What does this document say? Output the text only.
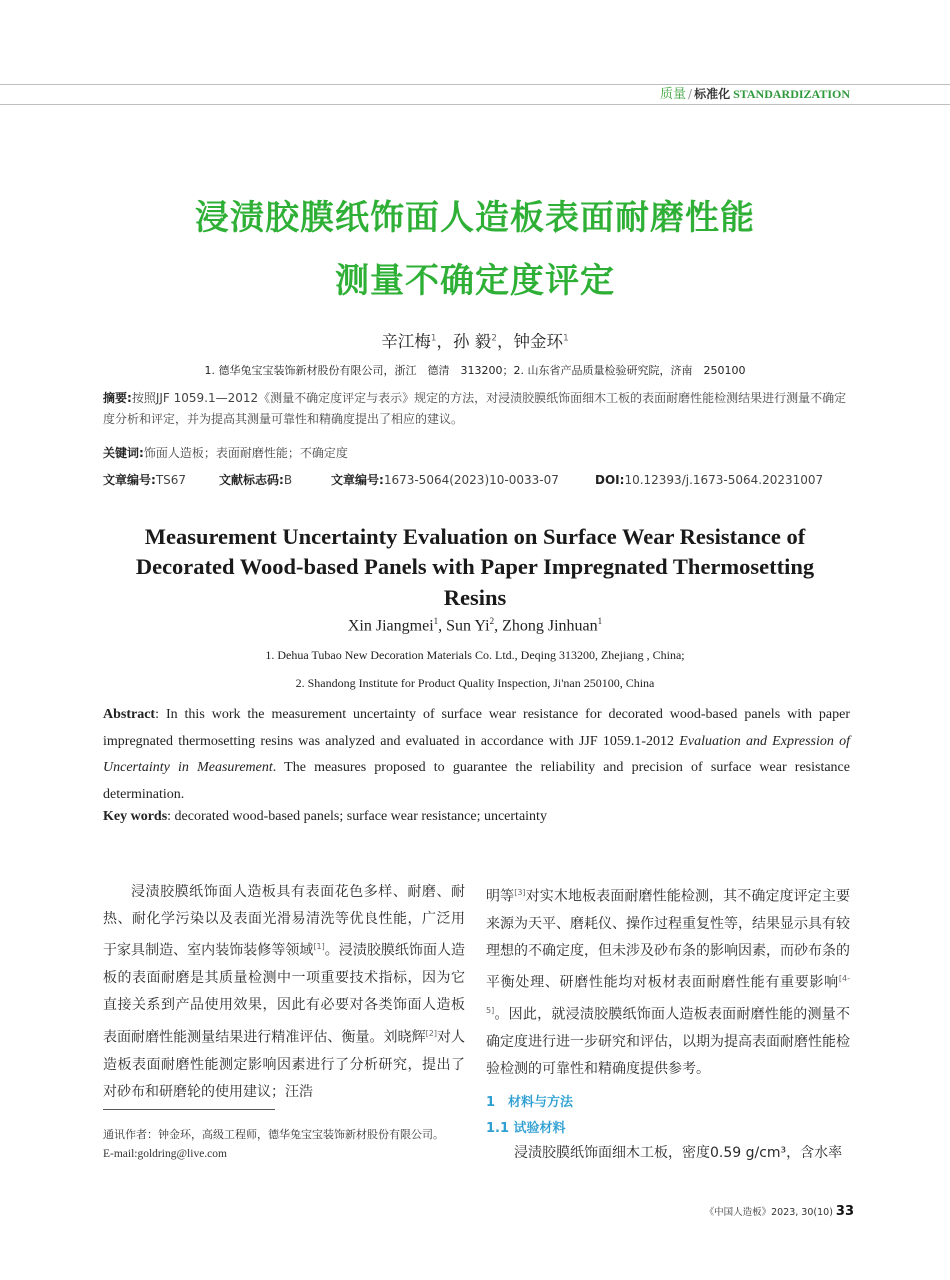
质量 / 标准化 STANDARDIZATION
浸渍胶膜纸饰面人造板表面耐磨性能
测量不确定度评定
辛江梅$^1$，孙 毅$^2$，钟金环$^1$
1. 德华兔宝宝装饰新材股份有限公司，浙江　德清　313200；2. 山东省产品质量检验研究院，济南　250100
摘要:按照JJF 1059.1—2012《测量不确定度评定与表示》规定的方法，对浸渍胶膜纸饰面细木工板的表面耐磨性能检测结果进行测量不确定度分析和评定，并为提高其测量可靠性和精确度提出了相应的建议。
关键词:饰面人造板；表面耐磨性能；不确定度
文章编号:TS67	文献标志码:B	文章编号:1673-5064(2023)10-0033-07	DOI:10.12393/j.1673-5064.20231007
Measurement Uncertainty Evaluation on Surface Wear Resistance of
Decorated Wood-based Panels with Paper Impregnated Thermosetting
Resins
Xin Jiangmei$^1$, Sun Yi$^2$, Zhong Jinhuan$^1$
1. Dehua Tubao New Decoration Materials Co. Ltd., Deqing 313200, Zhejiang , China;
2. Shandong Institute for Product Quality Inspection, Ji'nan 250100, China
Abstract: In this work the measurement uncertainty of surface wear resistance for decorated wood-based panels with paper impregnated thermosetting resins was analyzed and evaluated in accordance with JJF 1059.1-2012 Evaluation and Expression of Uncertainty in Measurement. The measures proposed to guarantee the reliability and precision of surface wear resistance determination.
Key words: decorated wood-based panels; surface wear resistance; uncertainty
浸渍胶膜纸饰面人造板具有表面花色多样、耐磨、耐热、耐化学污染以及表面光滑易清洗等优良性能，广泛用于家具制造、室内装饰装修等领域[1]。浸渍胶膜纸饰面人造板的表面耐磨是其质量检测中一项重要技术指标，因为它直接关系到产品使用效果，因此有必要对各类饰面人造板表面耐磨性能测量结果进行精准评估、衡量。刘晓辉[2]对人造板表面耐磨性能测定影响因素进行了分析研究，提出了对砂布和研磨轮的使用建议；汪浩
通讯作者：钟金环，高级工程师，德华兔宝宝装饰新材股份有限公司。
E-mail:goldring@live.com
明等[3]对实木地板表面耐磨性能检测，其不确定度评定主要来源为天平、磨耗仪、操作过程重复性等，结果显示具有较理想的不确定度，但未涉及砂布条的影响因素，而砂布条的平衡处理、研磨性能均对板材表面耐磨性能有重要影响[4-5]。因此，就浸渍胶膜纸饰面人造板表面耐磨性能的测量不确定度进行进一步研究和评估，以期为提高表面耐磨性能检验检测的可靠性和精确度提供参考。
1　材料与方法
1.1 试验材料
浸渍胶膜纸饰面细木工板，密度0.59 g/cm³，含水率
《中国人造板》2023, 30(10) 33
